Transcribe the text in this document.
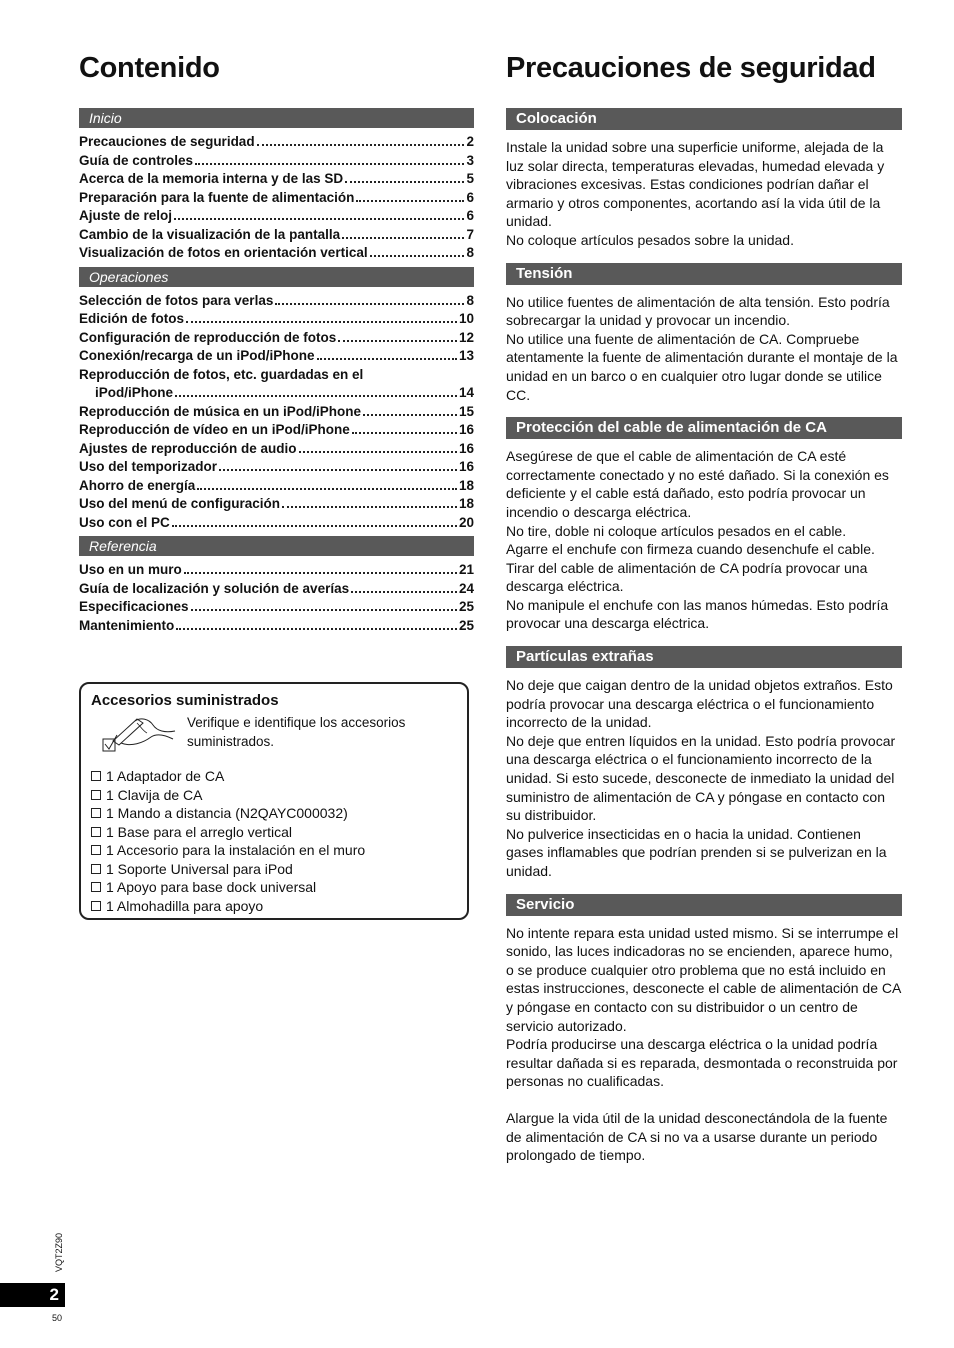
Contenido
Inicio
Precauciones de seguridad	2
Guía de controles	3
Acerca de la memoria interna y de las SD	5
Preparación para la fuente de alimentación	6
Ajuste de reloj	6
Cambio de la visualización de la pantalla	7
Visualización de fotos en orientación vertical	8
Operaciones
Selección de fotos para verlas	8
Edición de fotos	10
Configuración de reproducción de fotos	12
Conexión/recarga de un iPod/iPhone	13
Reproducción de fotos, etc. guardadas en el
iPod/iPhone	14
Reproducción de música en un iPod/iPhone	15
Reproducción de vídeo en un iPod/iPhone	16
Ajustes de reproducción de audio	16
Uso del temporizador	16
Ahorro de energía	18
Uso del menú de configuración	18
Uso con el PC	20
Referencia
Uso en un muro	21
Guía de localización y solución de averías	24
Especificaciones	25
Mantenimiento	25
Accesorios suministrados
Verifique e identifique los accesorios
suministrados.
1 Adaptador de CA
1 Clavija de CA
1 Mando a distancia (N2QAYC000032)
1 Base para el arreglo vertical
1 Accesorio para la instalación en el muro
1 Soporte Universal para iPod
1 Apoyo para base dock universal
1 Almohadilla para apoyo
Precauciones de seguridad
Colocación

Instale la unidad sobre una superficie uniforme, alejada de la luz solar directa, temperaturas elevadas, humedad elevada y vibraciones excesivas. Estas condiciones podrían dañar el armario y otros componentes, acortando así la vida útil de la unidad.

No coloque artículos pesados sobre la unidad.

Tensión

No utilice fuentes de alimentación de alta tensión. Esto podría sobrecargar la unidad y provocar un incendio.

No utilice una fuente de alimentación de CA. Compruebe atentamente la fuente de alimentación durante el montaje de la unidad en un barco o en cualquier otro lugar donde se utilice CC.

Protección del cable de alimentación de CA

Asegúrese de que el cable de alimentación de CA esté correctamente conectado y no esté dañado. Si la conexión es deficiente y el cable está dañado, esto podría provocar un incendio o descarga eléctrica.

No tire, doble ni coloque artículos pesados en el cable.

Agarre el enchufe con firmeza cuando desenchufe el cable. Tirar del cable de alimentación de CA podría provocar una descarga eléctrica.

No manipule el enchufe con las manos húmedas. Esto podría provocar una descarga eléctrica.

Partículas extrañas

No deje que caigan dentro de la unidad objetos extraños. Esto podría provocar una descarga eléctrica o el funcionamiento incorrecto de la unidad.

No deje que entren líquidos en la unidad. Esto podría provocar una descarga eléctrica o el funcionamiento incorrecto de la unidad. Si esto sucede, desconecte de inmediato la unidad del suministro de alimentación de CA y póngase en contacto con su distribuidor.

No pulverice insecticidas en o hacia la unidad. Contienen gases inflamables que podrían prenden si se pulverizan en la unidad.

Servicio

No intente repara esta unidad usted mismo. Si se interrumpe el sonido, las luces indicadoras no se encienden, aparece humo, o se produce cualquier otro problema que no está incluido en estas instrucciones, desconecte el cable de alimentación de CA y póngase en contacto con su distribuidor o un centro de servicio autorizado.

Podría producirse una descarga eléctrica o la unidad podría resultar dañada si es reparada, desmontada o reconstruida por personas no cualificadas.

Alargue la vida útil de la unidad desconectándola de la fuente de alimentación de CA si no va a usarse durante un periodo prolongado de tiempo.

VQT2Z90
2
50
